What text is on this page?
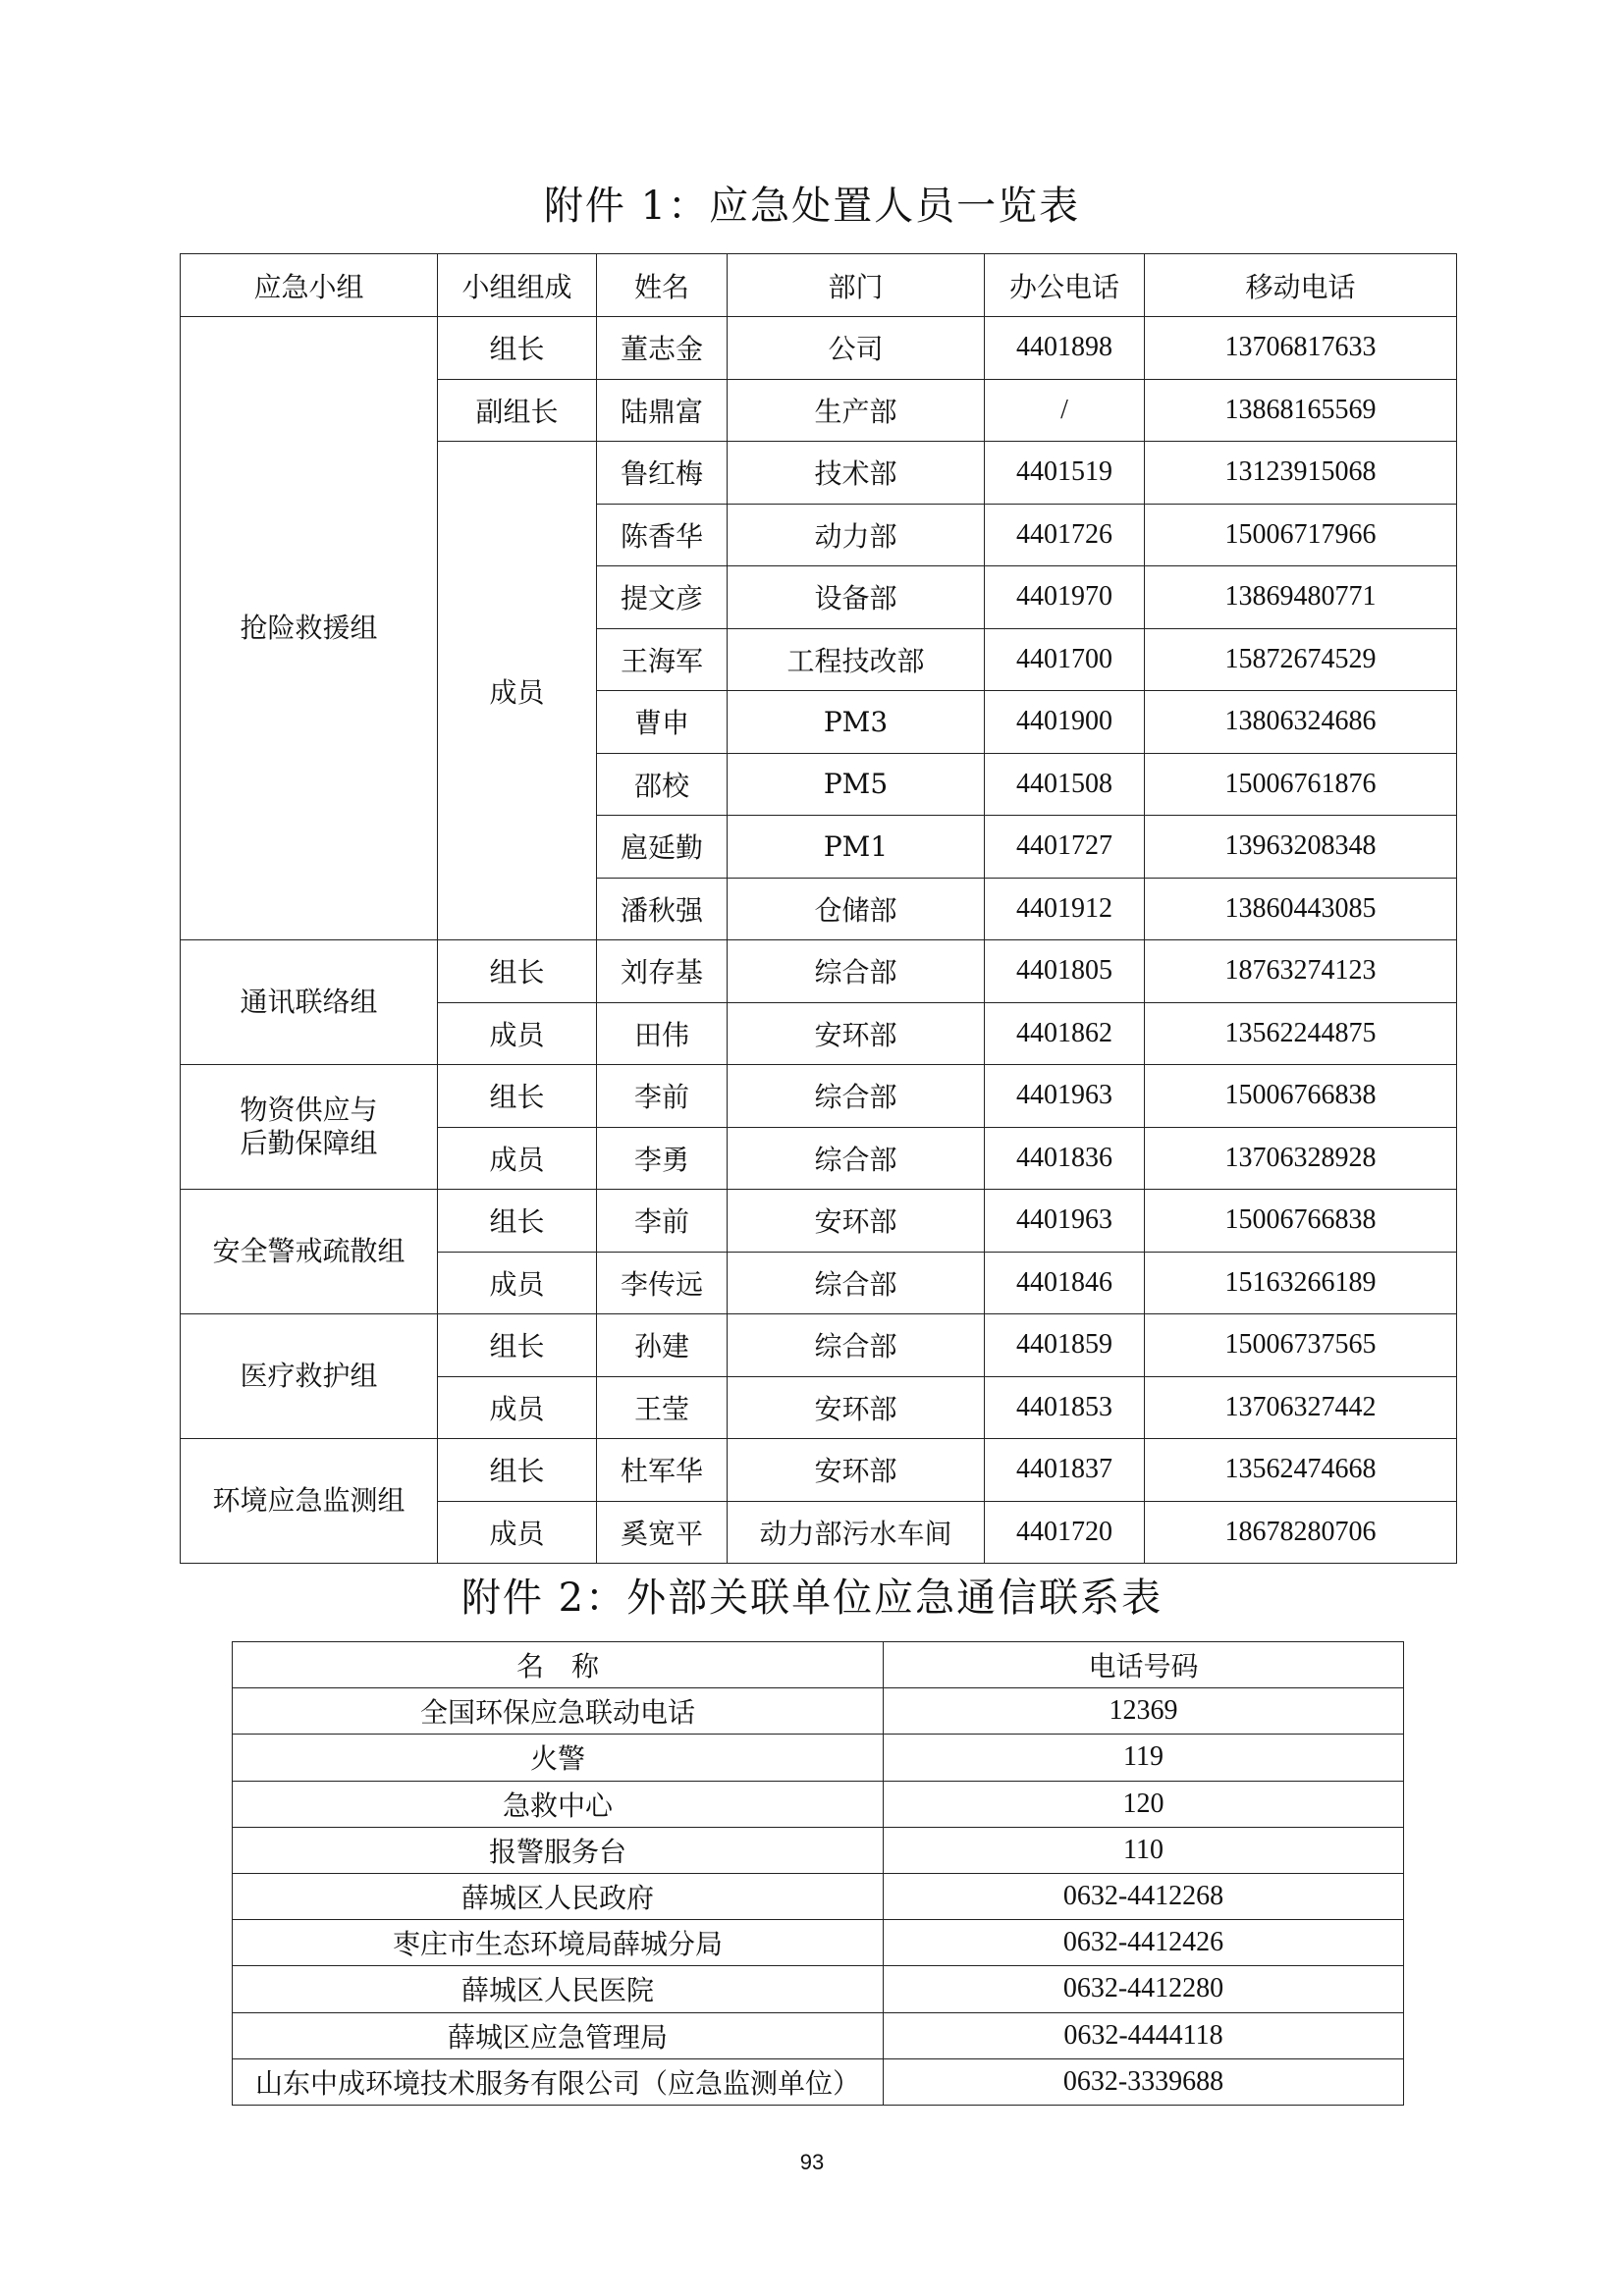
附件 1：应急处置人员一览表
应急小组	小组组成	姓名	部门	办公电话	移动电话
抢险救援组	组长	董志金	公司	4401898	13706817633
	副组长	陆鼎富	生产部	/	13868165569
	成员	鲁红梅	技术部	4401519	13123915068
		陈香华	动力部	4401726	15006717966
		提文彦	设备部	4401970	13869480771
		王海军	工程技改部	4401700	15872674529
		曹申	PM3	4401900	13806324686
		邵校	PM5	4401508	15006761876
		扈延勤	PM1	4401727	13963208348
		潘秋强	仓储部	4401912	13860443085
通讯联络组	组长	刘存基	综合部	4401805	18763274123
	成员	田伟	安环部	4401862	13562244875
物资供应与
后勤保障组	组长	李前	综合部	4401963	15006766838
	成员	李勇	综合部	4401836	13706328928
安全警戒疏散组	组长	李前	安环部	4401963	15006766838
	成员	李传远	综合部	4401846	15163266189
医疗救护组	组长	孙建	综合部	4401859	15006737565
	成员	王莹	安环部	4401853	13706327442
环境应急监测组	组长	杜军华	安环部	4401837	13562474668
	成员	奚宽平	动力部污水车间	4401720	18678280706
附件 2：外部关联单位应急通信联系表
名　称	电话号码
全国环保应急联动电话	12369
火警	119
急救中心	120
报警服务台	110
薛城区人民政府	0632-4412268
枣庄市生态环境局薛城分局	0632-4412426
薛城区人民医院	0632-4412280
薛城区应急管理局	0632-4444118
山东中成环境技术服务有限公司（应急监测单位）	0632-3339688
93
